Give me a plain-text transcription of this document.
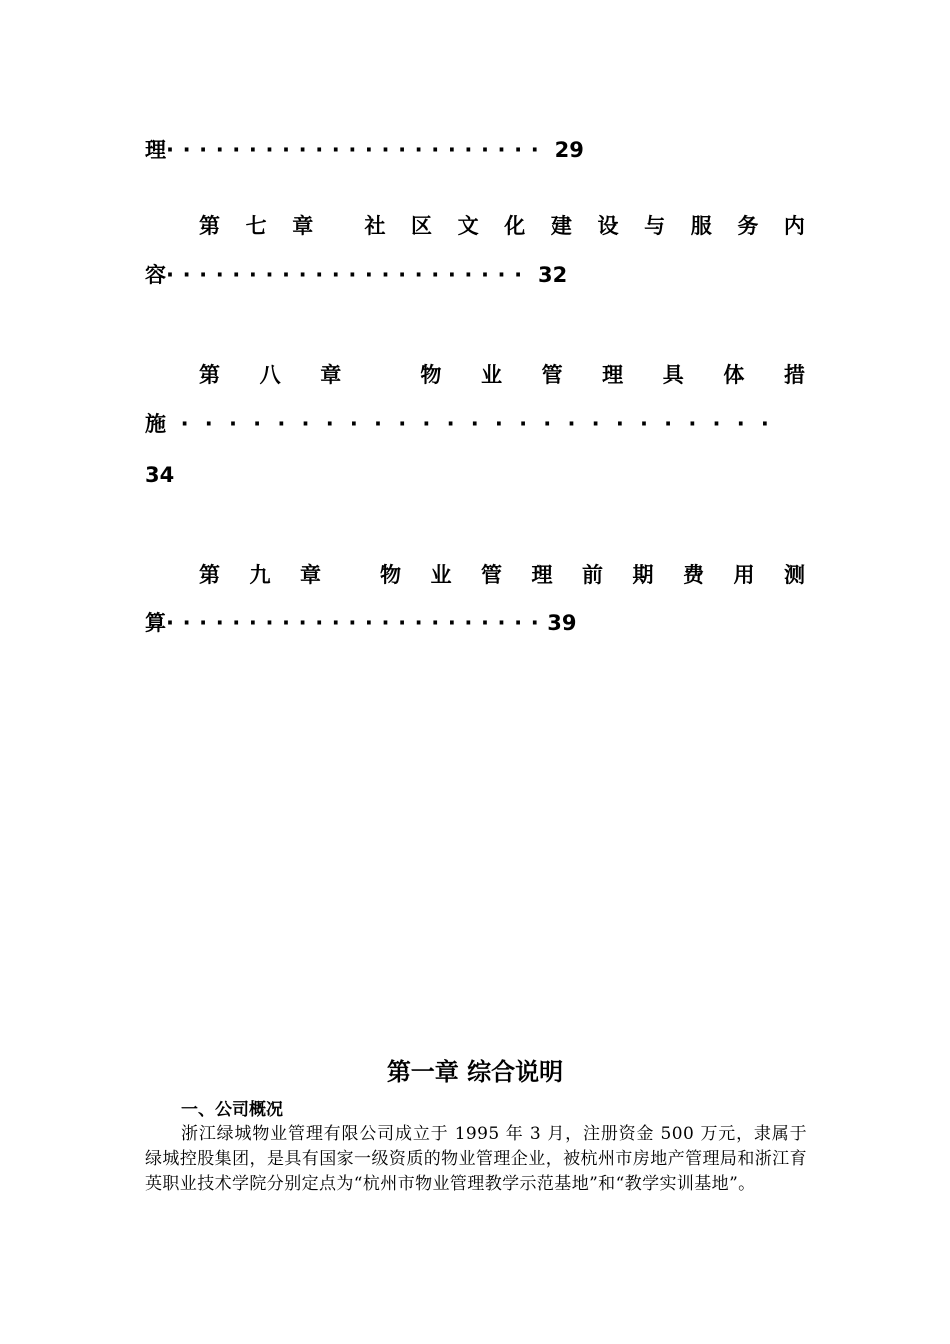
理······················· 29
第 七 章 社 区 文 化 建 设 与 服 务 内
容······················ 32
第 八 章	物 业 管 理 具 体 措
施 ·························
34
第 九 章	物 业 管 理 前 期 费 用 测
算·······················39
第一章 综合说明
一、公司概况
浙江绿城物业管理有限公司成立于 1995 年 3 月，注册资金 500 万元，隶属于绿城控股集团，是具有国家一级资质的物业管理企业，被杭州市房地产管理局和浙江育英职业技术学院分别定点为“杭州市物业管理教学示范基地”和“教学实训基地”。
